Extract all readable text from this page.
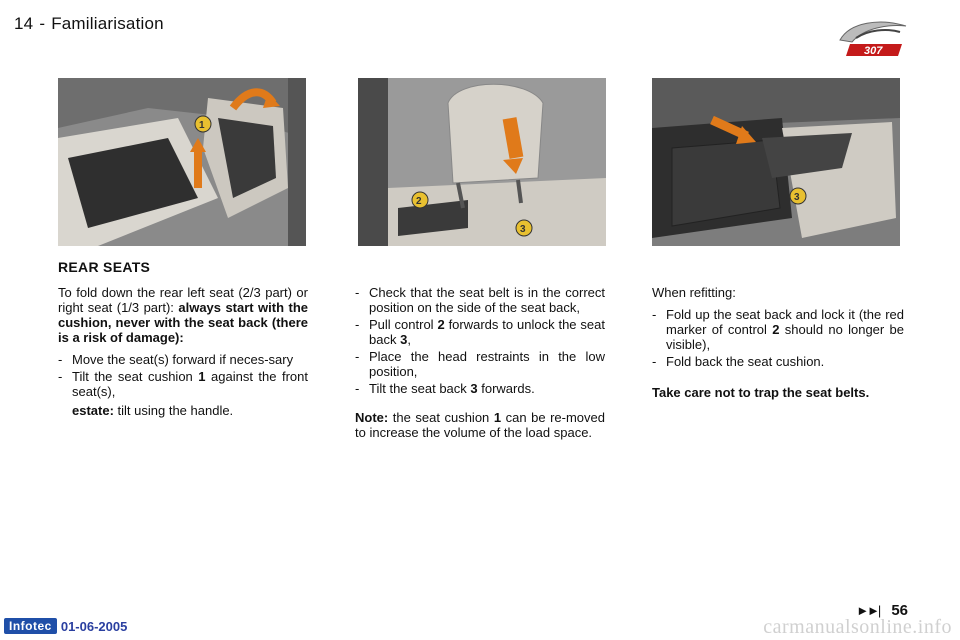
14 - Familiarisation
307
1
2
3
3
REAR SEATS

To fold down the rear left seat (2/3 part) or right seat (1/3 part): always start with the cushion, never with the seat back (there is a risk of damage):

- Move the seat(s) forward if neces-sary
- Tilt the seat cushion 1 against the front seat(s),
estate: tilt using the handle.
- Check that the seat belt is in the correct position on the side of the seat back,
- Pull control 2 forwards to unlock the seat back 3,
- Place the head restraints in the low position,
- Tilt the seat back 3 forwards.

Note: the seat cushion 1 can be re-moved to increase the volume of the load space.

When refitting:

- Fold up the seat back and lock it (the red marker of control 2 should no longer be visible),
- Fold back the seat cushion.
Take care not to trap the seat belts.
Infotec 01-06-2005
►►| 56
carmanualsonline.info
